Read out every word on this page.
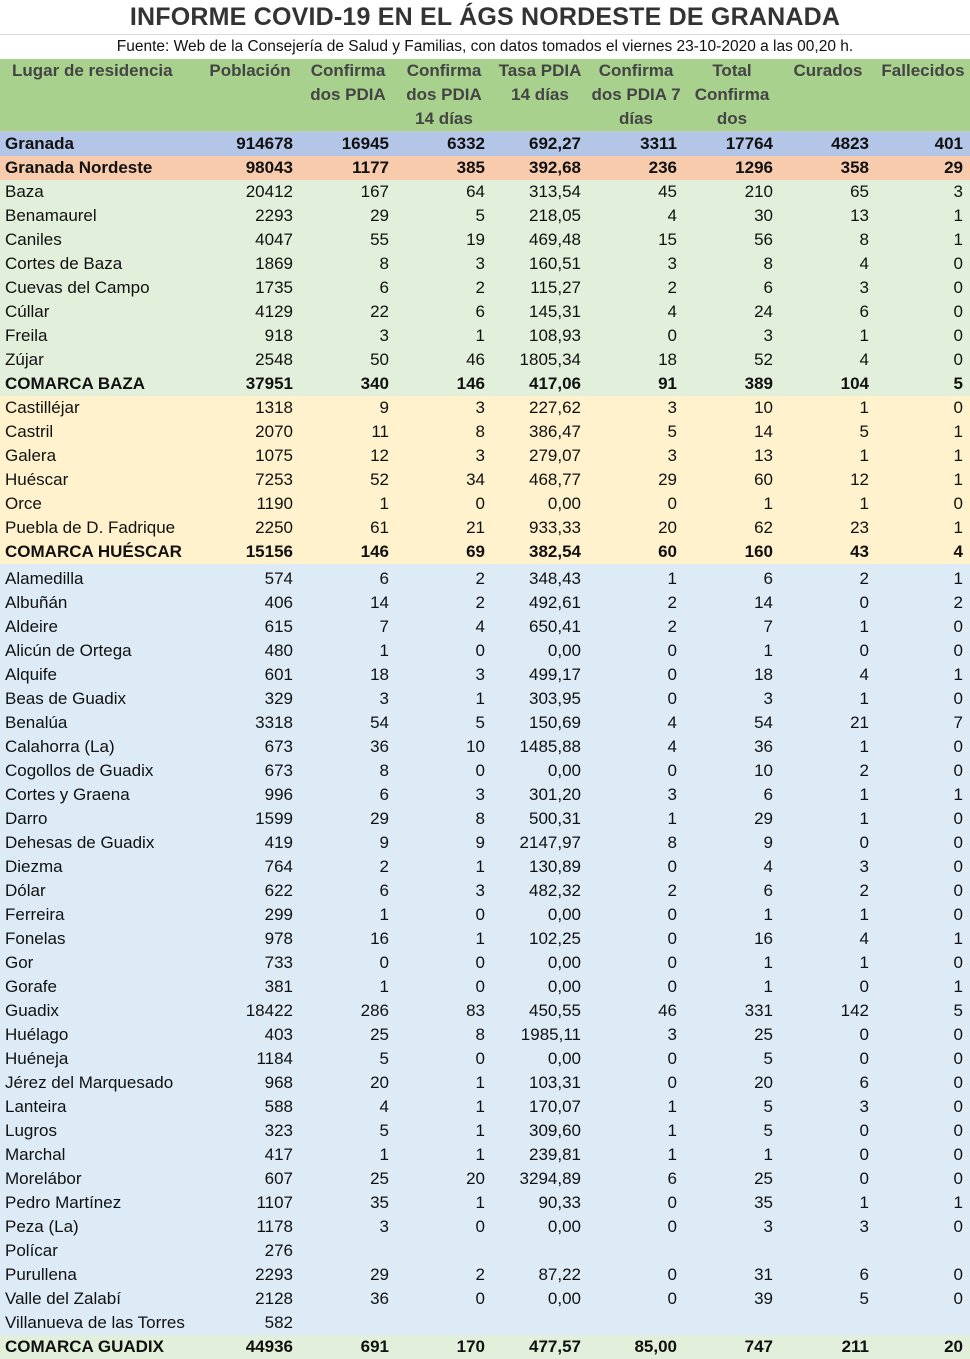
INFORME COVID-19 EN EL ÁGS NORDESTE DE GRANADA
Fuente: Web de la Consejería de Salud y Familias, con datos tomados el viernes 23-10-2020 a las 00,20 h.
Lugar de residencia	Población	Confirma dos PDIA	Confirma dos PDIA 14 días	Tasa PDIA 14 días	Confirma dos PDIA 7 días	Total Confirma dos	Curados	Fallecidos
Granada	914678	16945	6332	692,27	3311	17764	4823	401
Granada Nordeste	98043	1177	385	392,68	236	1296	358	29
Baza	20412	167	64	313,54	45	210	65	3
Benamaurel	2293	29	5	218,05	4	30	13	1
Caniles	4047	55	19	469,48	15	56	8	1
Cortes de Baza	1869	8	3	160,51	3	8	4	0
Cuevas del Campo	1735	6	2	115,27	2	6	3	0
Cúllar	4129	22	6	145,31	4	24	6	0
Freila	918	3	1	108,93	0	3	1	0
Zújar	2548	50	46	1805,34	18	52	4	0
COMARCA BAZA	37951	340	146	417,06	91	389	104	5
Castilléjar	1318	9	3	227,62	3	10	1	0
Castril	2070	11	8	386,47	5	14	5	1
Galera	1075	12	3	279,07	3	13	1	1
Huéscar	7253	52	34	468,77	29	60	12	1
Orce	1190	1	0	0,00	0	1	1	0
Puebla de D. Fadrique	2250	61	21	933,33	20	62	23	1
COMARCA HUÉSCAR	15156	146	69	382,54	60	160	43	4

Alamedilla	574	6	2	348,43	1	6	2	1
Albuñán	406	14	2	492,61	2	14	0	2
Aldeire	615	7	4	650,41	2	7	1	0
Alicún de Ortega	480	1	0	0,00	0	1	0	0
Alquife	601	18	3	499,17	0	18	4	1
Beas de Guadix	329	3	1	303,95	0	3	1	0
Benalúa	3318	54	5	150,69	4	54	21	7
Calahorra (La)	673	36	10	1485,88	4	36	1	0
Cogollos de Guadix	673	8	0	0,00	0	10	2	0
Cortes y Graena	996	6	3	301,20	3	6	1	1
Darro	1599	29	8	500,31	1	29	1	0
Dehesas de Guadix	419	9	9	2147,97	8	9	0	0
Diezma	764	2	1	130,89	0	4	3	0
Dólar	622	6	3	482,32	2	6	2	0
Ferreira	299	1	0	0,00	0	1	1	0
Fonelas	978	16	1	102,25	0	16	4	1
Gor	733	0	0	0,00	0	1	1	0
Gorafe	381	1	0	0,00	0	1	0	1
Guadix	18422	286	83	450,55	46	331	142	5
Huélago	403	25	8	1985,11	3	25	0	0
Huéneja	1184	5	0	0,00	0	5	0	0
Jérez del Marquesado	968	20	1	103,31	0	20	6	0
Lanteira	588	4	1	170,07	1	5	3	0
Lugros	323	5	1	309,60	1	5	0	0
Marchal	417	1	1	239,81	1	1	0	0
Morelábor	607	25	20	3294,89	6	25	0	0
Pedro Martínez	1107	35	1	90,33	0	35	1	1
Peza (La)	1178	3	0	0,00	0	3	3	0
Polícar	276							
Purullena	2293	29	2	87,22	0	31	6	0
Valle del Zalabí	2128	36	0	0,00	0	39	5	0
Villanueva de las Torres	582							
COMARCA GUADIX	44936	691	170	477,57	85,00	747	211	20
